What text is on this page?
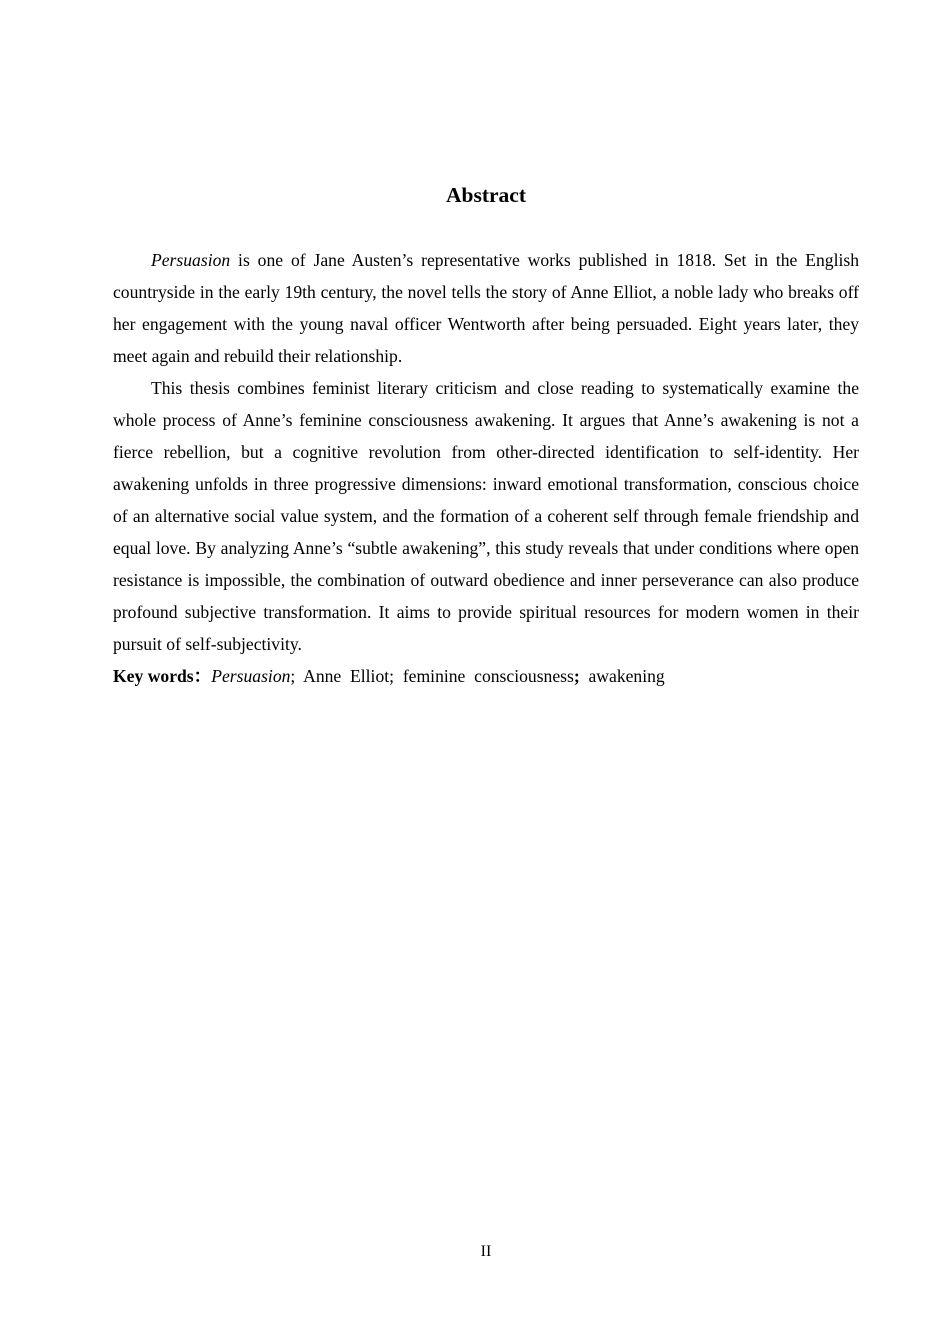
Abstract

Persuasion is one of Jane Austen’s representative works published in 1818. Set in the English countryside in the early 19th century, the novel tells the story of Anne Elliot, a noble lady who breaks off her engagement with the young naval officer Wentworth after being persuaded. Eight years later, they meet again and rebuild their relationship.

This thesis combines feminist literary criticism and close reading to systematically examine the whole process of Anne’s feminine consciousness awakening. It argues that Anne’s awakening is not a fierce rebellion, but a cognitive revolution from other-directed identification to self-identity. Her awakening unfolds in three progressive dimensions: inward emotional transformation, conscious choice of an alternative social value system, and the formation of a coherent self through female friendship and equal love. By analyzing Anne’s “subtle awakening”, this study reveals that under conditions where open resistance is impossible, the combination of outward obedience and inner perseverance can also produce profound subjective transformation. It aims to provide spiritual resources for modern women in their pursuit of self-subjectivity.

Key words：Persuasion;  Anne  Elliot;  feminine  consciousness;  awakening

II
